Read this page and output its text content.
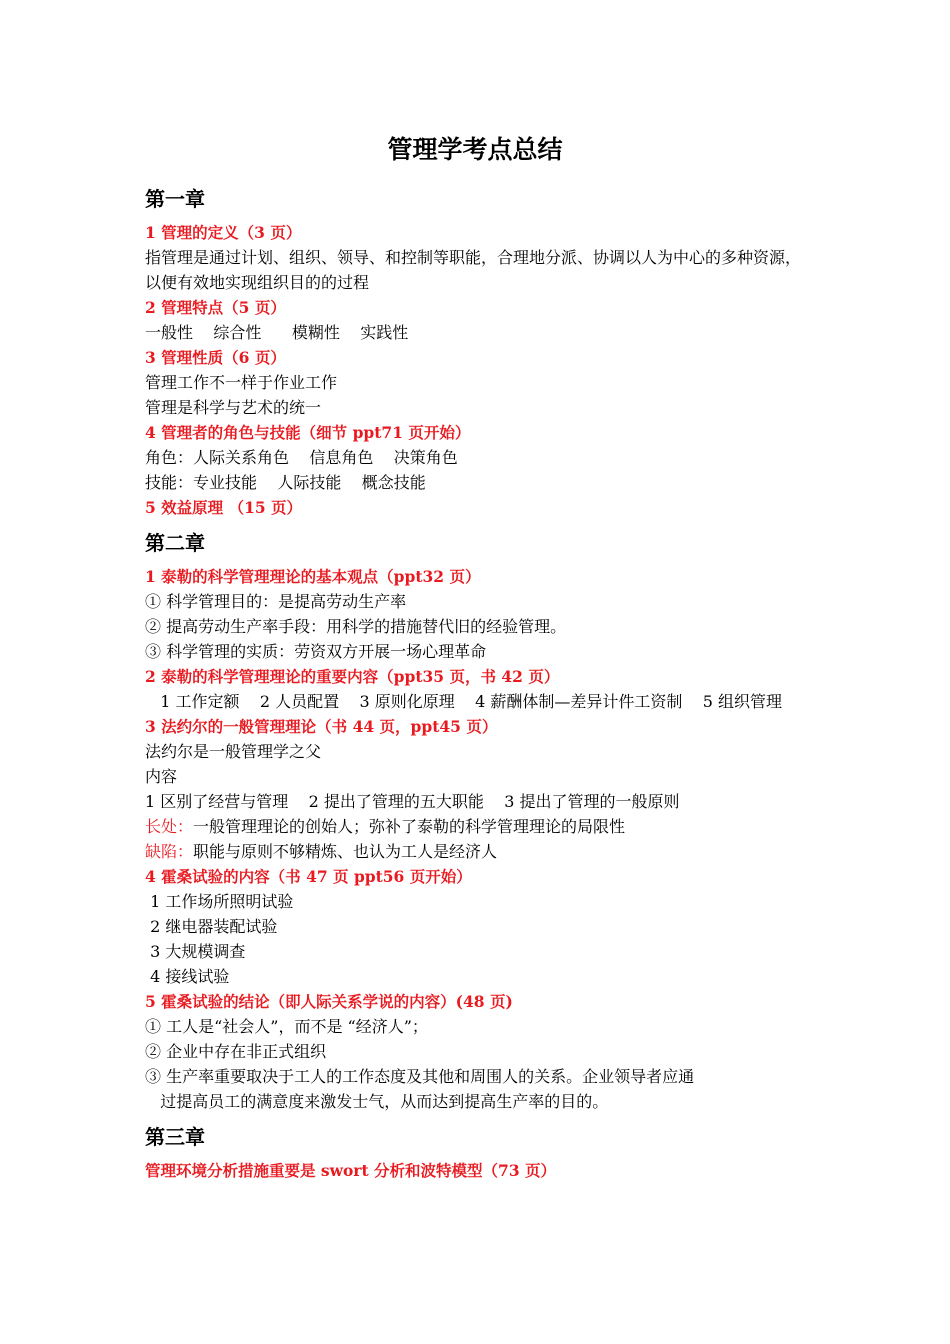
管理学考点总结
第一章
1 管理的定义（3 页）
指管理是通过计划、组织、领导、和控制等职能，合理地分派、协调以人为中心的多种资源，以便有效地实现组织目的的过程
2 管理特点（5 页）
一般性    综合性      模糊性    实践性
3 管理性质（6 页）
管理工作不一样于作业工作
管理是科学与艺术的统一
4 管理者的角色与技能（细节 ppt71 页开始）
角色：人际关系角色    信息角色    决策角色
技能：专业技能    人际技能    概念技能
5 效益原理 （15 页）
第二章
1 泰勒的科学管理理论的基本观点（ppt32 页）
① 科学管理目的：是提高劳动生产率
② 提高劳动生产率手段：用科学的措施替代旧的经验管理。
③ 科学管理的实质：劳资双方开展一场心理革命
2 泰勒的科学管理理论的重要内容（ppt35 页，书 42 页）
1 工作定额    2 人员配置    3 原则化原理    4 薪酬体制—差异计件工资制    5 组织管理
3 法约尔的一般管理理论（书 44 页，ppt45 页）
法约尔是一般管理学之父
内容
1 区别了经营与管理    2 提出了管理的五大职能    3 提出了管理的一般原则
长处：一般管理理论的创始人；弥补了泰勒的科学管理理论的局限性
缺陷：职能与原则不够精炼、也认为工人是经济人
4 霍桑试验的内容（书 47 页 ppt56 页开始）
1 工作场所照明试验
2 继电器装配试验
3 大规模调查
4 接线试验
5 霍桑试验的结论（即人际关系学说的内容）(48 页)
① 工人是“社会人”，而不是 “经济人”；
② 企业中存在非正式组织
③ 生产率重要取决于工人的工作态度及其他和周围人的关系。企业领导者应通
过提高员工的满意度来激发士气，从而达到提高生产率的目的。
第三章
管理环境分析措施重要是 swort 分析和波特模型（73 页）
